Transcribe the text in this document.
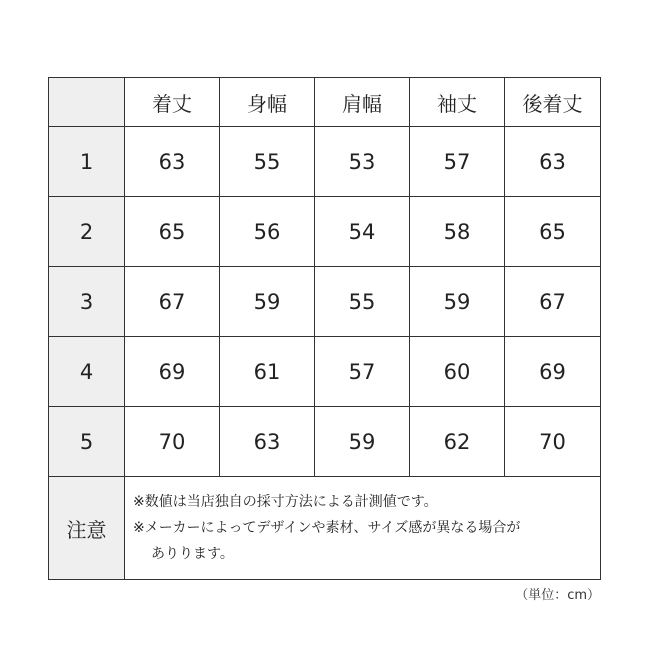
	着丈	身幅	肩幅	袖丈	後着丈
1	63	55	53	57	63
2	65	56	54	58	65
3	67	59	55	59	67
4	69	61	57	60	69
5	70	63	59	62	70
注意	※数値は当店独自の採寸方法による計測値です。
※メーカーによってデザインや素材、サイズ感が異なる場合が
ありります。				
（単位：cm）
